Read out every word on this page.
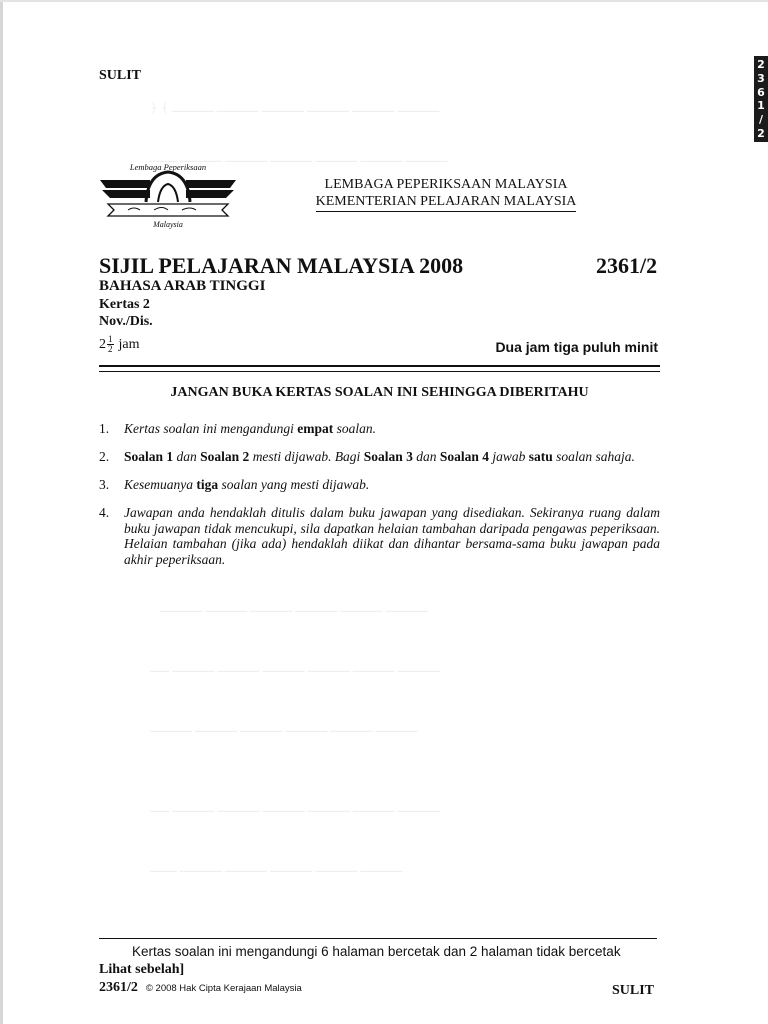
﴿ ﴾ ـــــــــــ ـــــــــــ ـــــــــــ ـــــــــــ ـــــــــــ ـــــــــــ
ـــــــــــ ـــــــــــ ـــــــــــ ـــــــــــ ـــــــــــ ـــــــــــ ـــــــ
ـــــــــــ ـــــــــــ ـــــــــــ ـــــــــــ ـــــــــــ ـــــــــــ
ـــــــــــ ـــــــــــ ـــــــــــ ـــــــــــ ـــــــــــ ـــــــــــ ـــــ
ـــــــــــ ـــــــــــ ـــــــــــ ـــــــــــ ـــــــــــ ـــــــــــ
ـــــــــــ ـــــــــــ ـــــــــــ ـــــــــــ ـــــــــــ ـــــــــــ ـــــ
ـــــــــــ ـــــــــــ ـــــــــــ ـــــــــــ ـــــــــــ ـــــــ
2
3
6
1
/
2
SULIT
Lembaga Peperiksaan
Malaysia
LEMBAGA PEPERIKSAAN MALAYSIA
KEMENTERIAN PELAJARAN MALAYSIA
SIJIL PELAJARAN MALAYSIA 2008	2361/2
BAHASA ARAB TINGGI
Kertas 2
Nov./Dis.
$2 \frac{1}{2}$ jam	Dua jam tiga puluh minit
JANGAN BUKA KERTAS SOALAN INI SEHINGGA DIBERITAHU
1.	Kertas soalan ini mengandungi empat soalan.
2.	Soalan 1 dan Soalan 2 mesti dijawab. Bagi Soalan 3 dan Soalan 4 jawab satu soalan sahaja.
3.	Kesemuanya tiga soalan yang mesti dijawab.
4.	Jawapan anda hendaklah ditulis dalam buku jawapan yang disediakan. Sekiranya ruang dalam buku jawapan tidak mencukupi, sila dapatkan helaian tambahan daripada pengawas peperiksaan. Helaian tambahan (jika ada) hendaklah diikat dan dihantar bersama-sama buku jawapan pada akhir peperiksaan.
Kertas soalan ini mengandungi 6 halaman bercetak dan 2 halaman tidak bercetak
Lihat sebelah]
2361/2 © 2008 Hak Cipta Kerajaan Malaysia	SULIT
